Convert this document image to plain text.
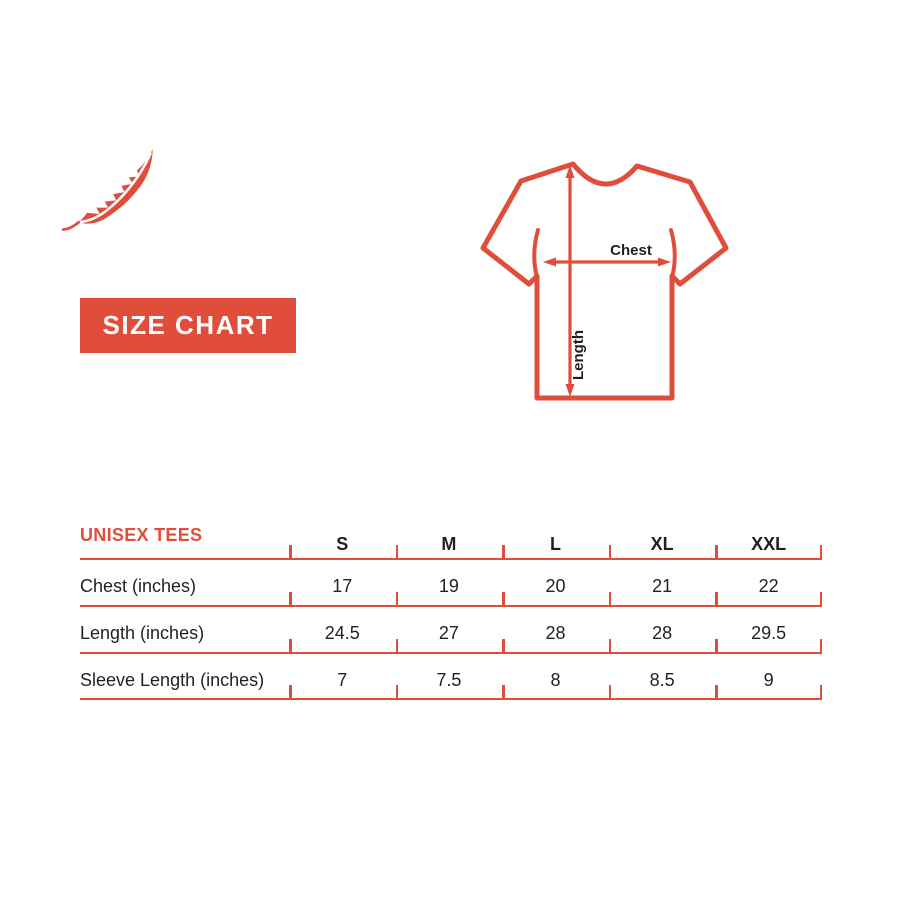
SIZE CHART
Chest
Length
UNISEX TEES	S	M	L	XL	XXL
Chest (inches)	17	19	20	21	22
Length (inches)	24.5	27	28	28	29.5
Sleeve Length (inches)	7	7.5	8	8.5	9
